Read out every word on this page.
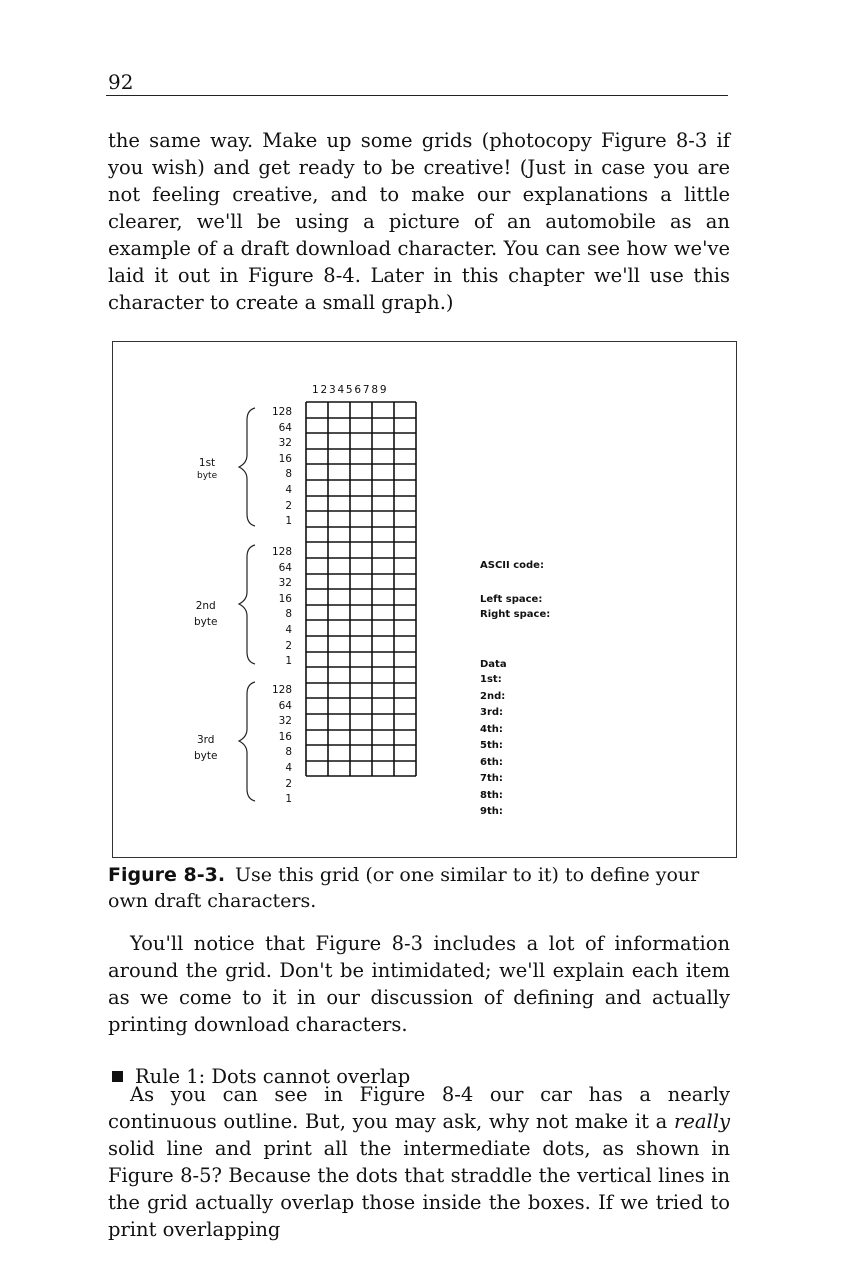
92
the same way. Make up some grids (photocopy Figure 8-3 if you wish) and get ready to be creative! (Just in case you are not feeling creative, and to make our explanations a little clearer, we'll be using a picture of an automobile as an example of a draft download character. You can see how we've laid it out in Figure 8-4. Later in this chapter we'll use this character to create a small graph.)
123456789
1st
byte
2nd
byte
3rd
byte
128
64
32
16
8
4
2
1
128
64
32
16
8
4
2
1
128
64
32
16
8
4
2
1
ASCII code:
Left space:
Right space:
Data
1st:
2nd:
3rd:
4th:
5th:
6th:
7th:
8th:
9th:
Figure 8-3. Use this grid (or one similar to it) to define your own draft characters.
You'll notice that Figure 8-3 includes a lot of information around the grid. Don't be intimidated; we'll explain each item as we come to it in our discussion of defining and actually printing download characters.
Rule 1: Dots cannot overlap
As you can see in Figure 8-4 our car has a nearly continuous outline. But, you may ask, why not make it a really solid line and print all the intermediate dots, as shown in Figure 8-5? Because the dots that straddle the vertical lines in the grid actually overlap those inside the boxes. If we tried to print overlapping
